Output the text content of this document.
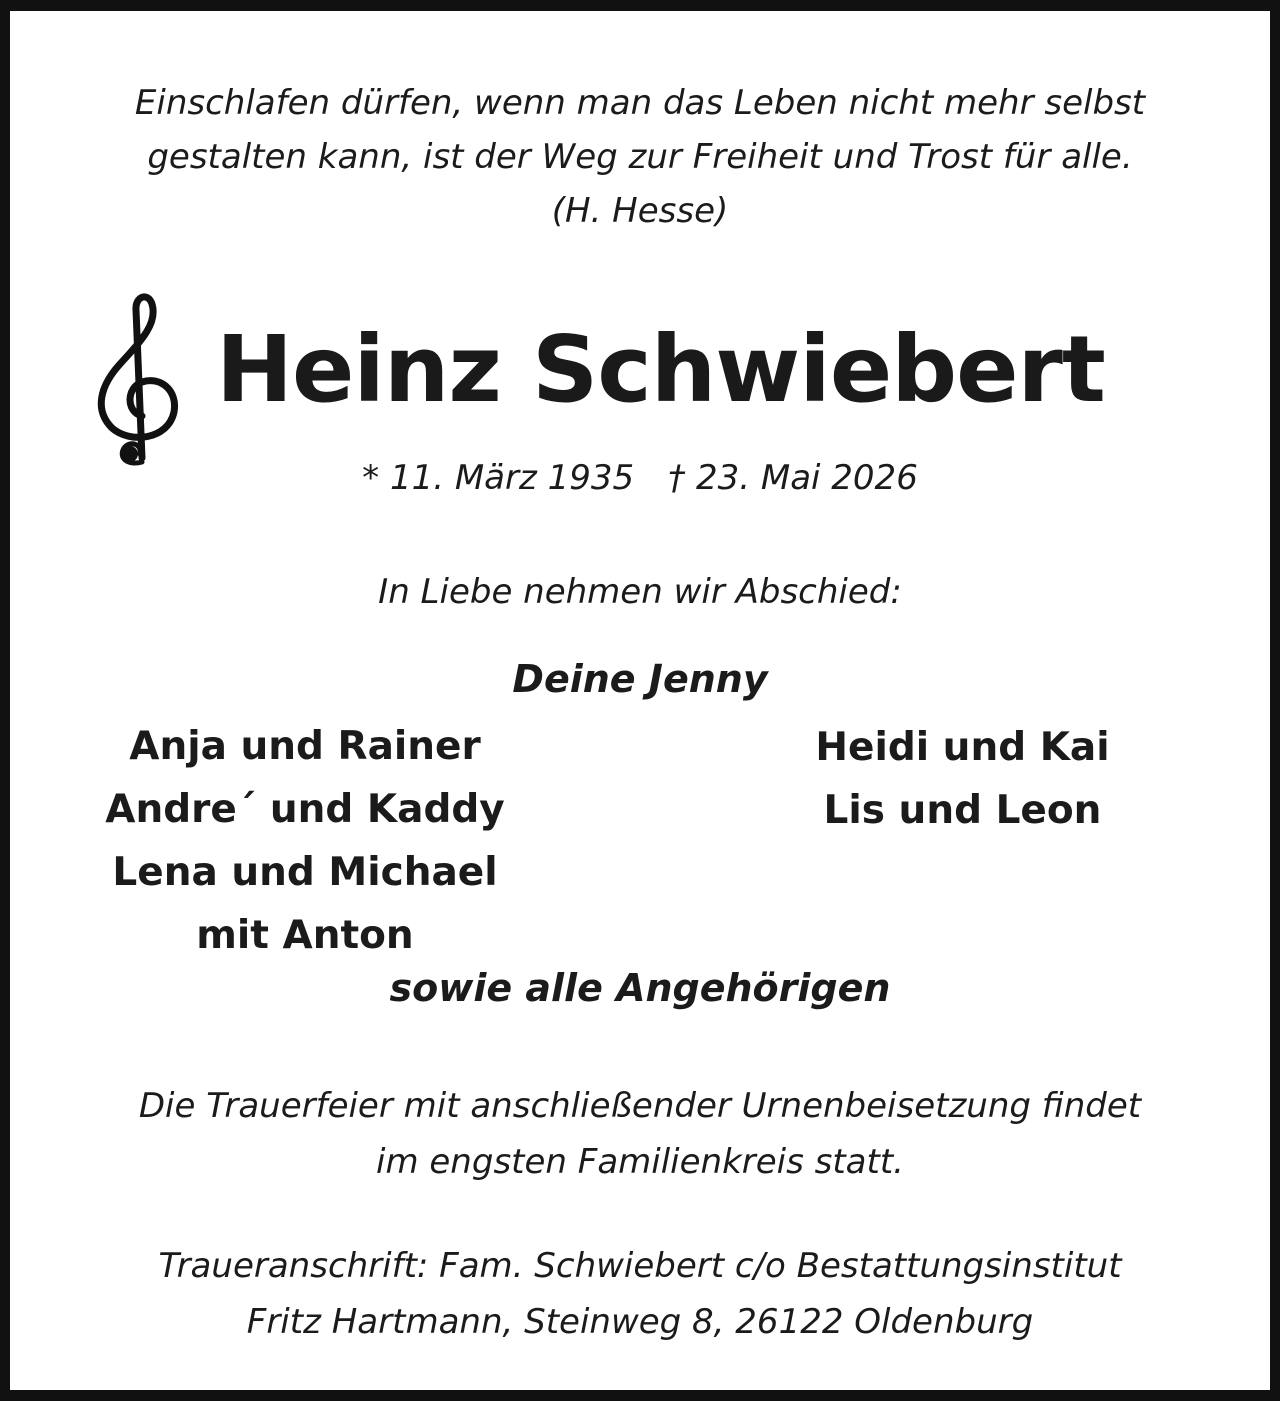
Einschlafen dürfen, wenn man das Leben nicht mehr selbst
gestalten kann, ist der Weg zur Freiheit und Trost für alle.
(H. Hesse)
Heinz Schwiebert
* 11. März 1935 † 23. Mai 2026
In Liebe nehmen wir Abschied:
Deine Jenny
Anja und Rainer
Andre´ und Kaddy
Lena und Michael
mit Anton
Heidi und Kai
Lis und Leon
sowie alle Angehörigen
Die Trauerfeier mit anschließender Urnenbeisetzung findet
im engsten Familienkreis statt.
Traueranschrift: Fam. Schwiebert c/o Bestattungsinstitut
Fritz Hartmann, Steinweg 8, 26122 Oldenburg
